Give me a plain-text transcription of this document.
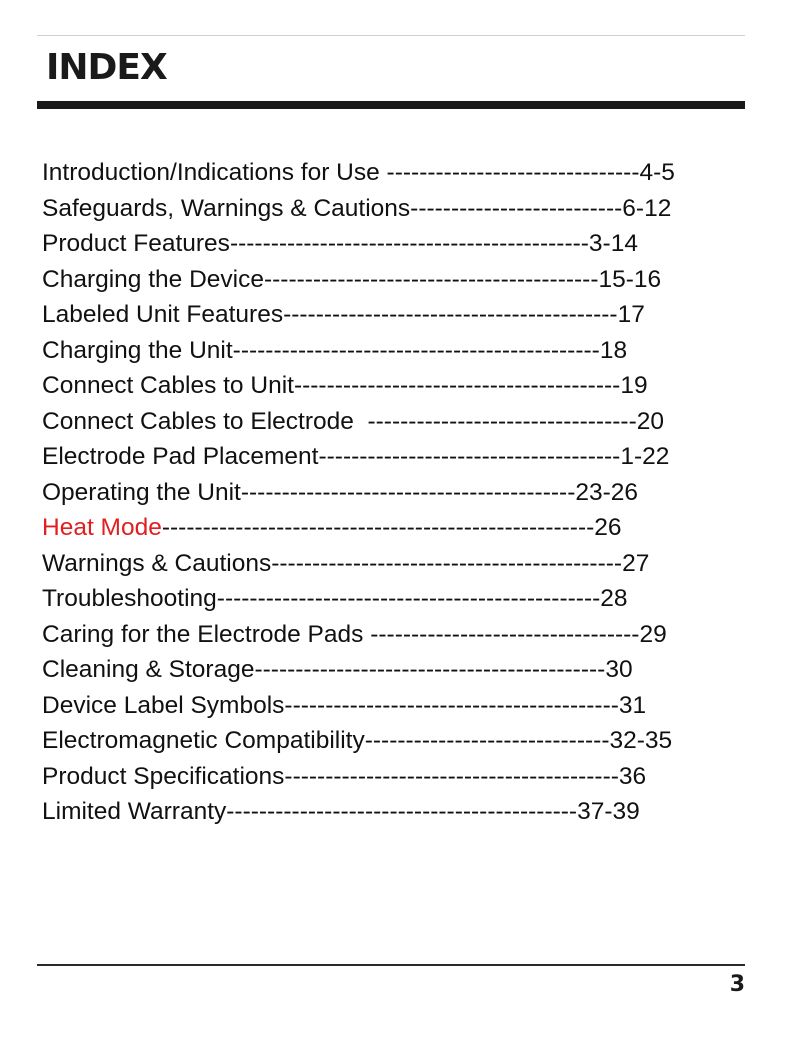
INDEX
Introduction/Indications for Use -------------------------------4-5
Safeguards, Warnings & Cautions--------------------------6-12
Product Features--------------------------------------------3-14
Charging the Device-----------------------------------------15-16
Labeled Unit Features-----------------------------------------17
Charging the Unit---------------------------------------------18
Connect Cables to Unit----------------------------------------19
Connect Cables to Electrode  ---------------------------------20
Electrode Pad Placement-------------------------------------1-22
Operating the Unit-----------------------------------------23-26
Heat Mode-----------------------------------------------------26
Warnings & Cautions-------------------------------------------27
Troubleshooting-----------------------------------------------28
Caring for the Electrode Pads ---------------------------------29
Cleaning & Storage-------------------------------------------30
Device Label Symbols-----------------------------------------31
Electromagnetic Compatibility------------------------------32-35
Product Specifications-----------------------------------------36
Limited Warranty-------------------------------------------37-39
3
